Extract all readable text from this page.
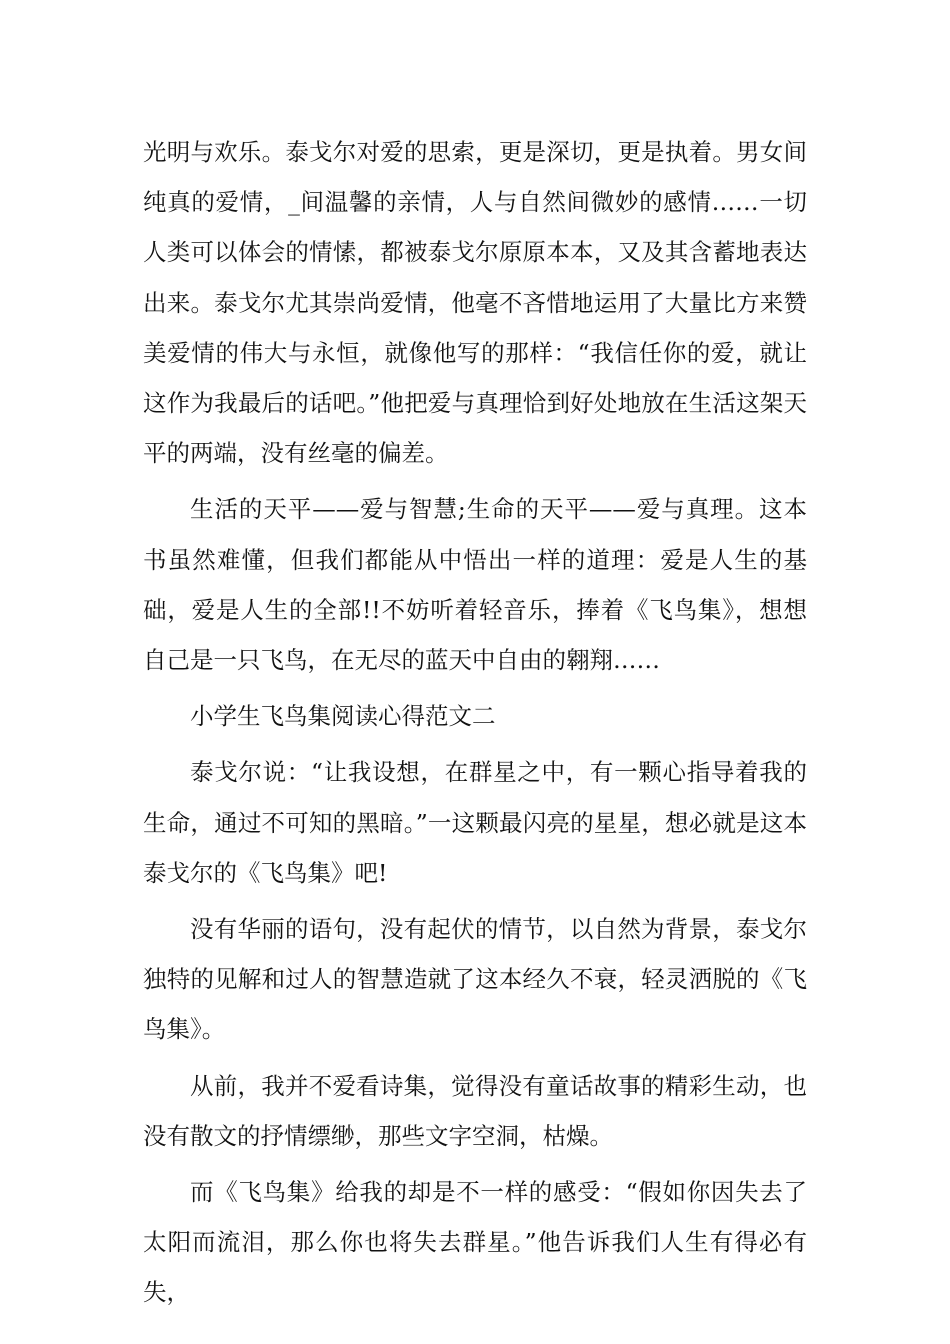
光明与欢乐。泰戈尔对爱的思索，更是深切，更是执着。男女间纯真的爱情，_间温馨的亲情，人与自然间微妙的感情……一切人类可以体会的情愫，都被泰戈尔原原本本，又及其含蓄地表达出来。泰戈尔尤其崇尚爱情，他毫不吝惜地运用了大量比方来赞美爱情的伟大与永恒，就像他写的那样：“我信任你的爱，就让这作为我最后的话吧。”他把爱与真理恰到好处地放在生活这架天平的两端，没有丝毫的偏差。

生活的天平——爱与智慧;生命的天平——爱与真理。这本书虽然难懂，但我们都能从中悟出一样的道理：爱是人生的基础，爱是人生的全部!!不妨听着轻音乐，捧着《飞鸟集》，想想自己是一只飞鸟，在无尽的蓝天中自由的翱翔……

小学生飞鸟集阅读心得范文二

泰戈尔说：“让我设想，在群星之中，有一颗心指导着我的生命，通过不可知的黑暗。”一这颗最闪亮的星星，想必就是这本泰戈尔的《飞鸟集》吧!

没有华丽的语句，没有起伏的情节，以自然为背景，泰戈尔独特的见解和过人的智慧造就了这本经久不衰，轻灵洒脱的《飞鸟集》。

从前，我并不爱看诗集，觉得没有童话故事的精彩生动，也没有散文的抒情缥缈，那些文字空洞，枯燥。

而《飞鸟集》给我的却是不一样的感受：“假如你因失去了太阳而流泪，那么你也将失去群星。”他告诉我们人生有得必有失，
